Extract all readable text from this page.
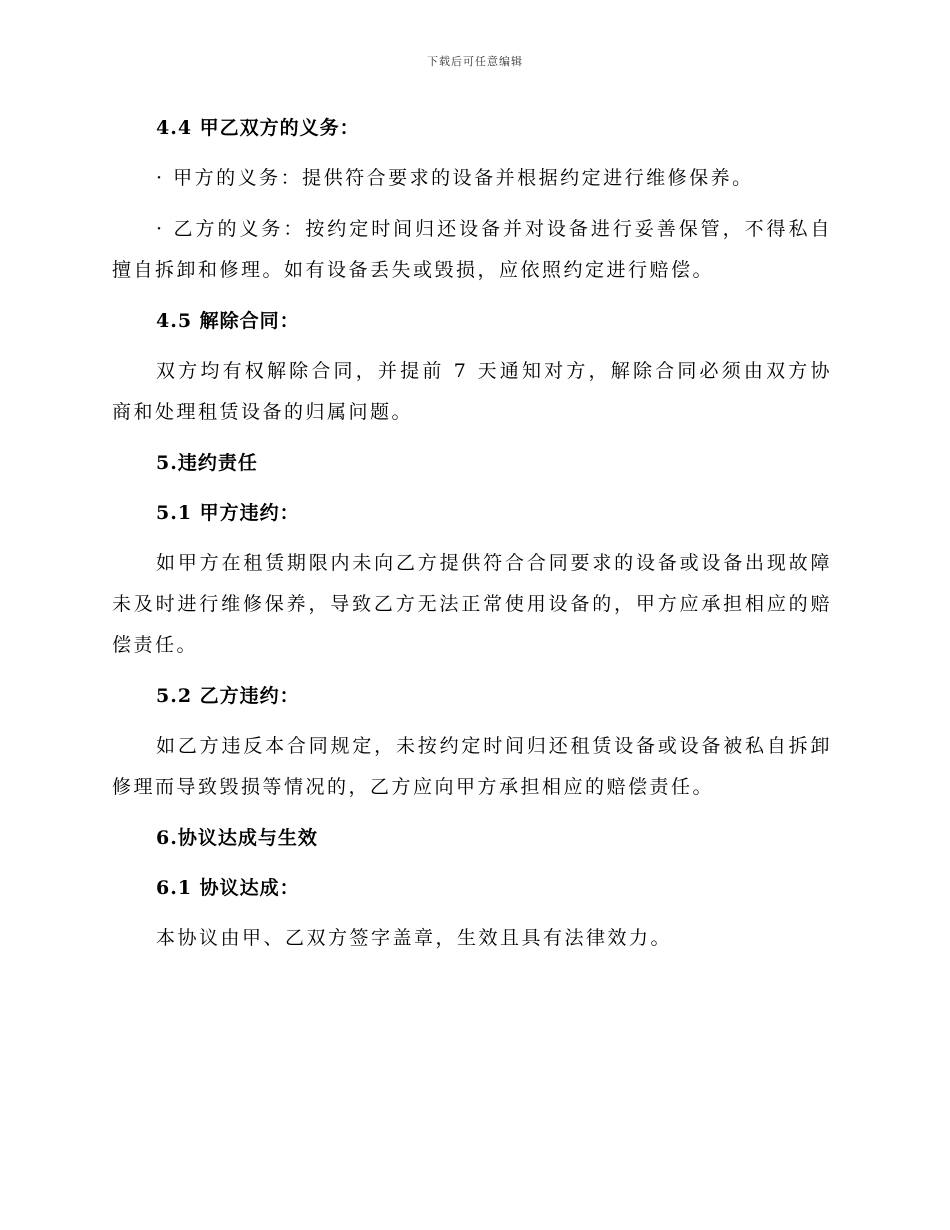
下载后可任意编辑
4.4 甲乙双方的义务：

· 甲方的义务：提供符合要求的设备并根据约定进行维修保养。

· 乙方的义务：按约定时间归还设备并对设备进行妥善保管，不得私自擅自拆卸和修理。如有设备丢失或毁损，应依照约定进行赔偿。

4.5 解除合同：

双方均有权解除合同，并提前 7 天通知对方，解除合同必须由双方协商和处理租赁设备的归属问题。

5.违约责任
5.1 甲方违约：

如甲方在租赁期限内未向乙方提供符合合同要求的设备或设备出现故障未及时进行维修保养，导致乙方无法正常使用设备的，甲方应承担相应的赔偿责任。

5.2 乙方违约：

如乙方违反本合同规定，未按约定时间归还租赁设备或设备被私自拆卸修理而导致毁损等情况的，乙方应向甲方承担相应的赔偿责任。

6.协议达成与生效
6.1 协议达成：

本协议由甲、乙双方签字盖章，生效且具有法律效力。
